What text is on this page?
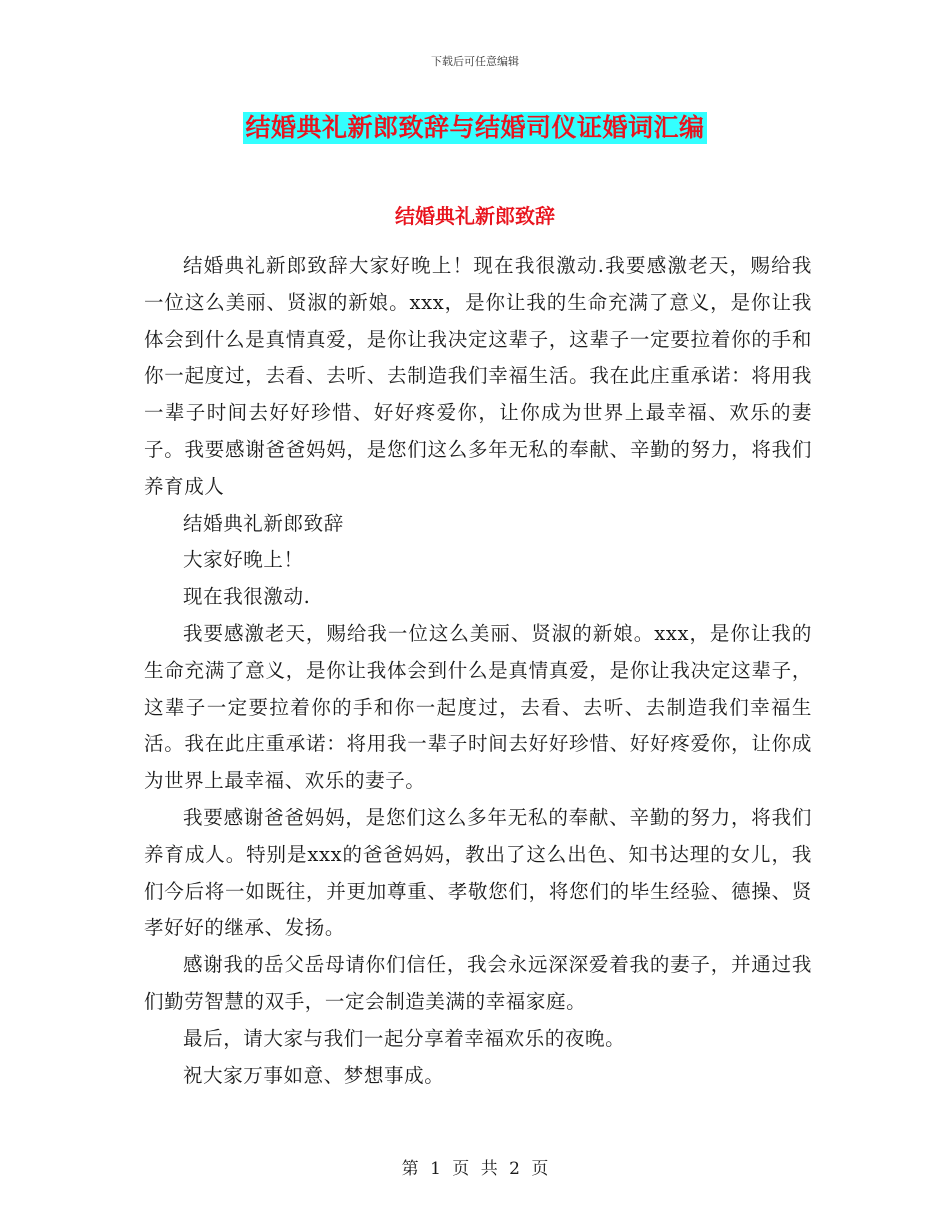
下载后可任意编辑
结婚典礼新郎致辞与结婚司仪证婚词汇编
结婚典礼新郎致辞

结婚典礼新郎致辞大家好晚上！现在我很激动.我要感激老天，赐给我一位这么美丽、贤淑的新娘。xxx，是你让我的生命充满了意义，是你让我体会到什么是真情真爱，是你让我决定这辈子，这辈子一定要拉着你的手和你一起度过，去看、去听、去制造我们幸福生活。我在此庄重承诺：将用我一辈子时间去好好珍惜、好好疼爱你，让你成为世界上最幸福、欢乐的妻子。我要感谢爸爸妈妈，是您们这么多年无私的奉献、辛勤的努力，将我们养育成人

结婚典礼新郎致辞

大家好晚上！

现在我很激动.

我要感激老天，赐给我一位这么美丽、贤淑的新娘。xxx，是你让我的生命充满了意义，是你让我体会到什么是真情真爱，是你让我决定这辈子，这辈子一定要拉着你的手和你一起度过，去看、去听、去制造我们幸福生活。我在此庄重承诺：将用我一辈子时间去好好珍惜、好好疼爱你，让你成为世界上最幸福、欢乐的妻子。

我要感谢爸爸妈妈，是您们这么多年无私的奉献、辛勤的努力，将我们养育成人。特别是xxx的爸爸妈妈，教出了这么出色、知书达理的女儿，我们今后将一如既往，并更加尊重、孝敬您们，将您们的毕生经验、德操、贤孝好好的继承、发扬。

感谢我的岳父岳母请你们信任，我会永远深深爱着我的妻子，并通过我们勤劳智慧的双手，一定会制造美满的幸福家庭。

最后，请大家与我们一起分享着幸福欢乐的夜晚。

祝大家万事如意、梦想事成。

第 1 页 共 2 页
